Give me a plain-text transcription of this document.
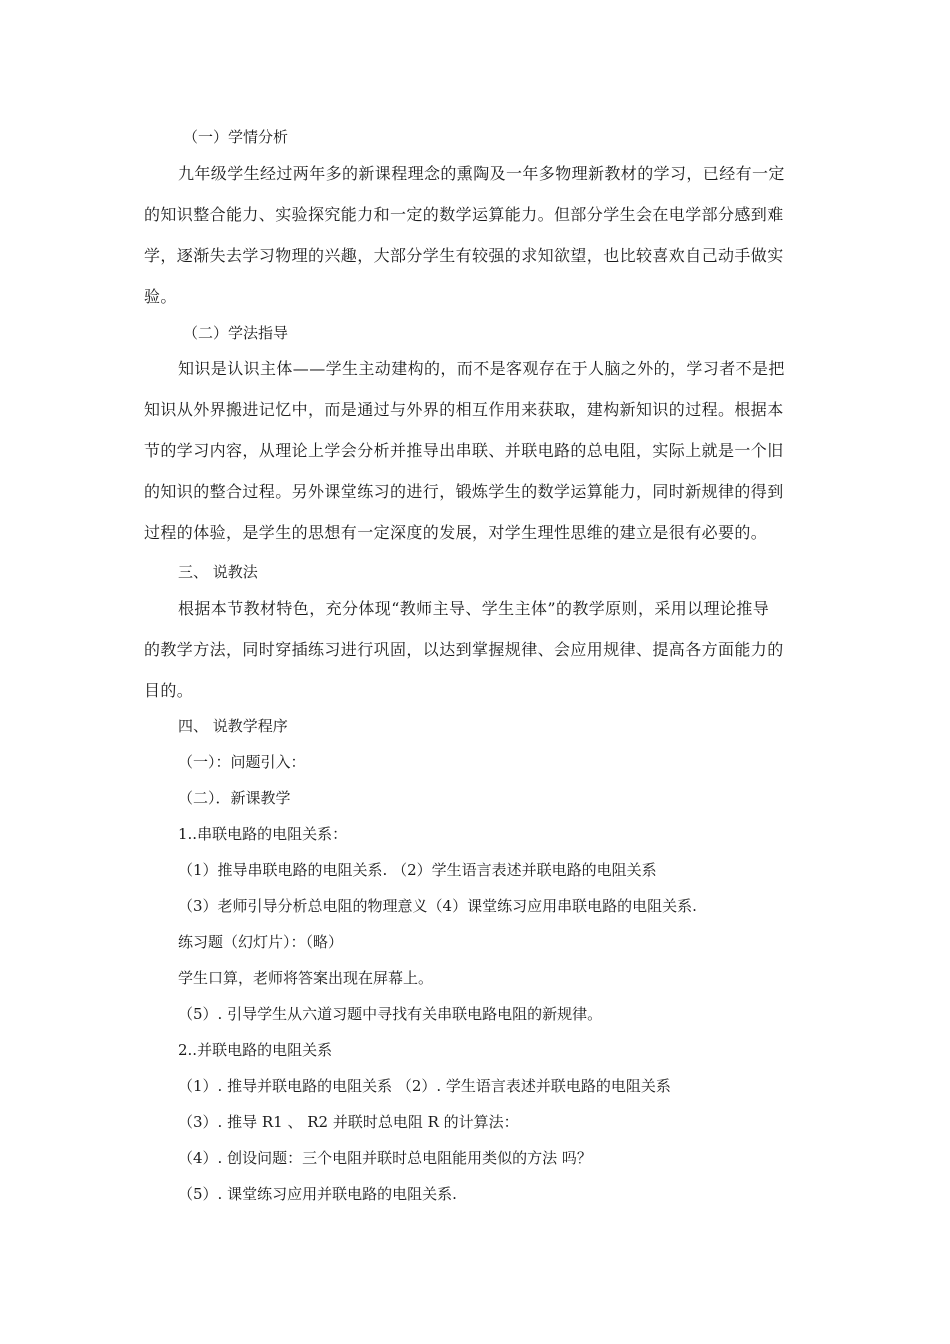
（一）学情分析
九年级学生经过两年多的新课程理念的熏陶及一年多物理新教材的学习，已经有一定
的知识整合能力、实验探究能力和一定的数学运算能力。但部分学生会在电学部分感到难
学，逐渐失去学习物理的兴趣，大部分学生有较强的求知欲望，也比较喜欢自己动手做实
验。
（二）学法指导
知识是认识主体——学生主动建构的，而不是客观存在于人脑之外的，学习者不是把
知识从外界搬进记忆中，而是通过与外界的相互作用来获取，建构新知识的过程。根据本
节的学习内容，从理论上学会分析并推导出串联、并联电路的总电阻，实际上就是一个旧
的知识的整合过程。另外课堂练习的进行，锻炼学生的数学运算能力，同时新规律的得到
过程的体验，是学生的思想有一定深度的发展，对学生理性思维的建立是很有必要的。
三、 说教法
根据本节教材特色，充分体现“教师主导、学生主体”的教学原则，采用以理论推导
的教学方法，同时穿插练习进行巩固，以达到掌握规律、会应用规律、提高各方面能力的
目的。
四、 说教学程序
（一）：问题引入：
（二）．新课教学
1..串联电路的电阻关系：
（1）推导串联电路的电阻关系. （2）学生语言表述并联电路的电阻关系
（3）老师引导分析总电阻的物理意义（4）课堂练习应用串联电路的电阻关系.
练习题（幻灯片）：（略）
学生口算，老师将答案出现在屏幕上。
（5）. 引导学生从六道习题中寻找有关串联电路电阻的新规律。
2..并联电路的电阻关系
（1）. 推导并联电路的电阻关系 （2）. 学生语言表述并联电路的电阻关系
（3）. 推导 R1 、 R2 并联时总电阻 R 的计算法：
（4）. 创设问题：三个电阻并联时总电阻能用类似的方法 吗？
（5）. 课堂练习应用并联电路的电阻关系.
